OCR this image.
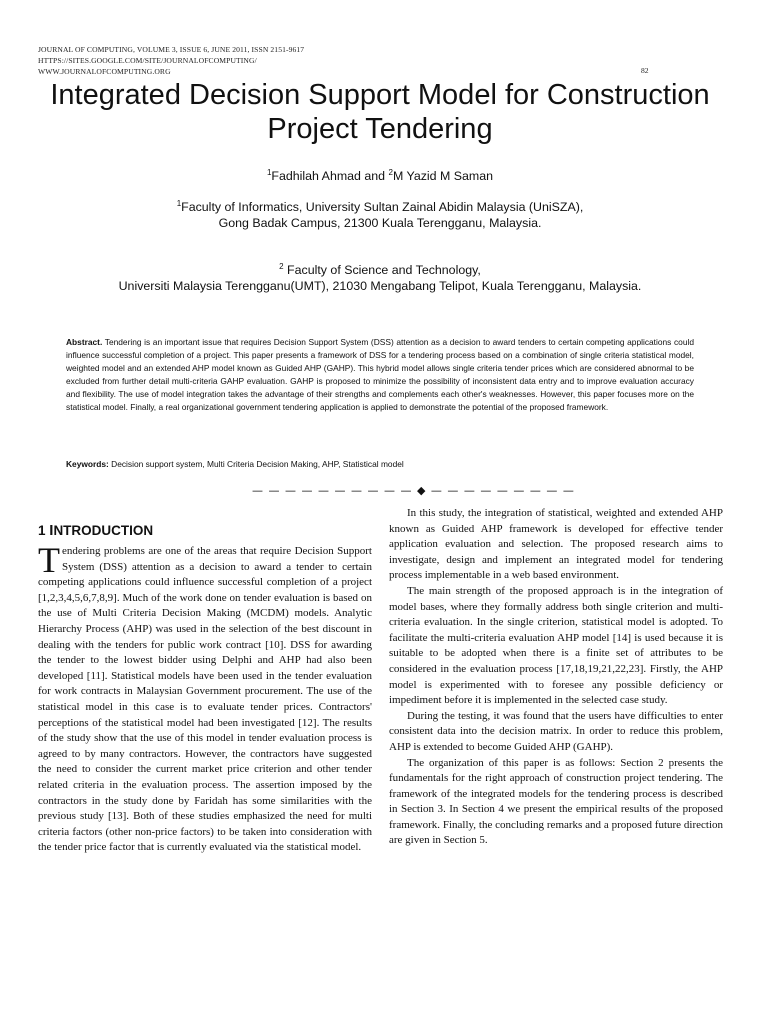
JOURNAL OF COMPUTING, VOLUME 3, ISSUE 6, JUNE 2011, ISSN 2151-9617
HTTPS://SITES.GOOGLE.COM/SITE/JOURNALOFCOMPUTING/
WWW.JOURNALOFCOMPUTING.ORG	82
Integrated Decision Support Model for Construction
Project Tendering
$^1$Fadhilah Ahmad and $^2$M Yazid M Saman
$^1$Faculty of Informatics, University Sultan Zainal Abidin Malaysia (UniSZA),
Gong Badak Campus, 21300 Kuala Terengganu, Malaysia.
$^2$ Faculty of Science and Technology,
Universiti Malaysia Terengganu(UMT), 21030 Mengabang Telipot, Kuala Terengganu, Malaysia.
Abstract. Tendering is an important issue that requires Decision Support System (DSS) attention as a decision to award tenders to certain competing applications could influence successful completion of a project. This paper presents a framework of DSS for a tendering process based on a combination of single criteria statistical model, weighted model and an extended AHP model known as Guided AHP (GAHP). This hybrid model allows single criteria tender prices which are considered abnormal to be excluded from further detail multi-criteria GAHP evaluation. GAHP is proposed to minimize the possibility of inconsistent data entry and to improve evaluation accuracy and flexibility. The use of model integration takes the advantage of their strengths and complements each other's weaknesses. However, this paper focuses more on the statistical model. Finally, a real organizational government tendering application is applied to demonstrate the potential of the proposed framework.
Keywords: Decision support system, Multi Criteria Decision Making, AHP, Statistical model
— — — — — — — — — — ◆ — — — — — — — — —
1 INTRODUCTION

Tendering problems are one of the areas that require Decision Support System (DSS) attention as a decision to award a tender to certain competing applications could influence successful completion of a project [1,2,3,4,5,6,7,8,9]. Much of the work done on tender evaluation is based on the use of Multi Criteria Decision Making (MCDM) models. Analytic Hierarchy Process (AHP) was used in the selection of the best discount in dealing with the tenders for public work contract [10]. DSS for awarding the tender to the lowest bidder using Delphi and AHP had also been developed [11]. Statistical models have been used in the tender evaluation for work contracts in Malaysian Government procurement. The use of the statistical model in this case is to evaluate tender prices. Contractors' perceptions of the statistical model had been investigated [12]. The results of the study show that the use of this model in tender evaluation process is agreed to by many contractors. However, the contractors have suggested the need to consider the current market price criterion and other tender related criteria in the evaluation process. The assertion imposed by the contractors in the study done by Faridah has some similarities with the previous study [13]. Both of these studies emphasized the need for multi criteria factors (other non-price factors) to be taken into consideration with the tender price factor that is currently evaluated via the statistical model.

In this study, the integration of statistical, weighted and extended AHP known as Guided AHP framework is developed for effective tender application evaluation and selection. The proposed research aims to investigate, design and implement an integrated model for tendering process implementable in a web based environment.

The main strength of the proposed approach is in the integration of model bases, where they formally address both single criterion and multi-criteria evaluation. In the single criterion, statistical model is adopted. To facilitate the multi-criteria evaluation AHP model [14] is used because it is suitable to be adopted when there is a finite set of attributes to be considered in the evaluation process [17,18,19,21,22,23]. Firstly, the AHP model is experimented with to foresee any possible deficiency or impediment before it is implemented in the selected case study.

During the testing, it was found that the users have difficulties to enter consistent data into the decision matrix. In order to reduce this problem, AHP is extended to become Guided AHP (GAHP).

The organization of this paper is as follows: Section 2 presents the fundamentals for the right approach of construction project tendering. The framework of the integrated models for the tendering process is described in Section 3. In Section 4 we present the empirical results of the proposed framework. Finally, the concluding remarks and a proposed future direction are given in Section 5.
